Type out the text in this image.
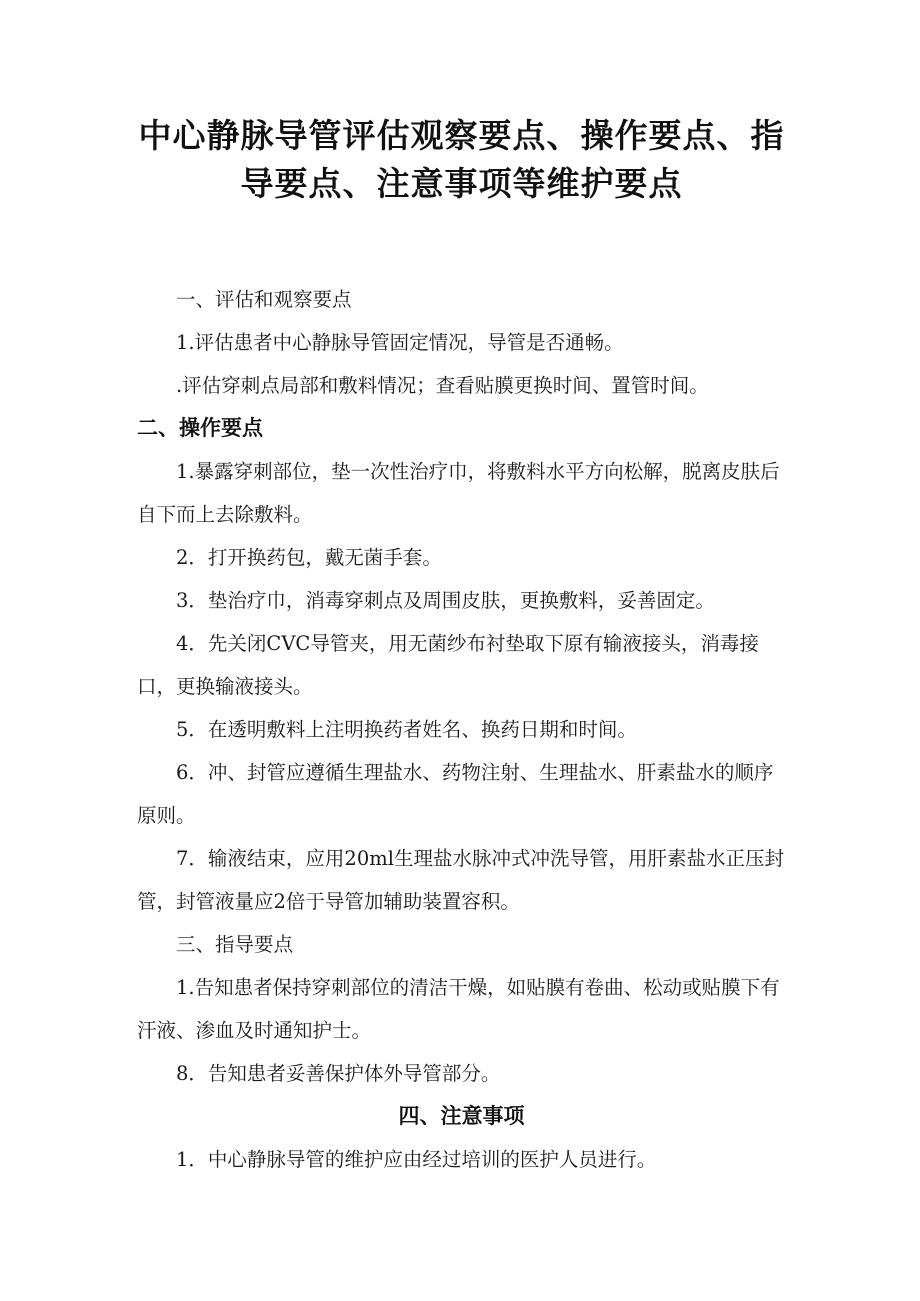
中心静脉导管评估观察要点、操作要点、指
导要点、注意事项等维护要点

一、评估和观察要点

1.评估患者中心静脉导管固定情况，导管是否通畅。

.评估穿刺点局部和敷料情况；查看贴膜更换时间、置管时间。

二、操作要点

1.暴露穿刺部位，垫一次性治疗巾，将敷料水平方向松解，脱离皮肤后自下而上去除敷料。

2．打开换药包，戴无菌手套。

3．垫治疗巾，消毒穿刺点及周围皮肤，更换敷料，妥善固定。

4．先关闭CVC导管夹，用无菌纱布衬垫取下原有输液接头，消毒接口，更换输液接头。

5．在透明敷料上注明换药者姓名、换药日期和时间。

6．冲、封管应遵循生理盐水、药物注射、生理盐水、肝素盐水的顺序原则。

7．输液结束，应用20ml生理盐水脉冲式冲洗导管，用肝素盐水正压封管，封管液量应2倍于导管加辅助装置容积。

三、指导要点

1.告知患者保持穿刺部位的清洁干燥，如贴膜有卷曲、松动或贴膜下有汗液、渗血及时通知护士。

8．告知患者妥善保护体外导管部分。

四、注意事项

1．中心静脉导管的维护应由经过培训的医护人员进行。
